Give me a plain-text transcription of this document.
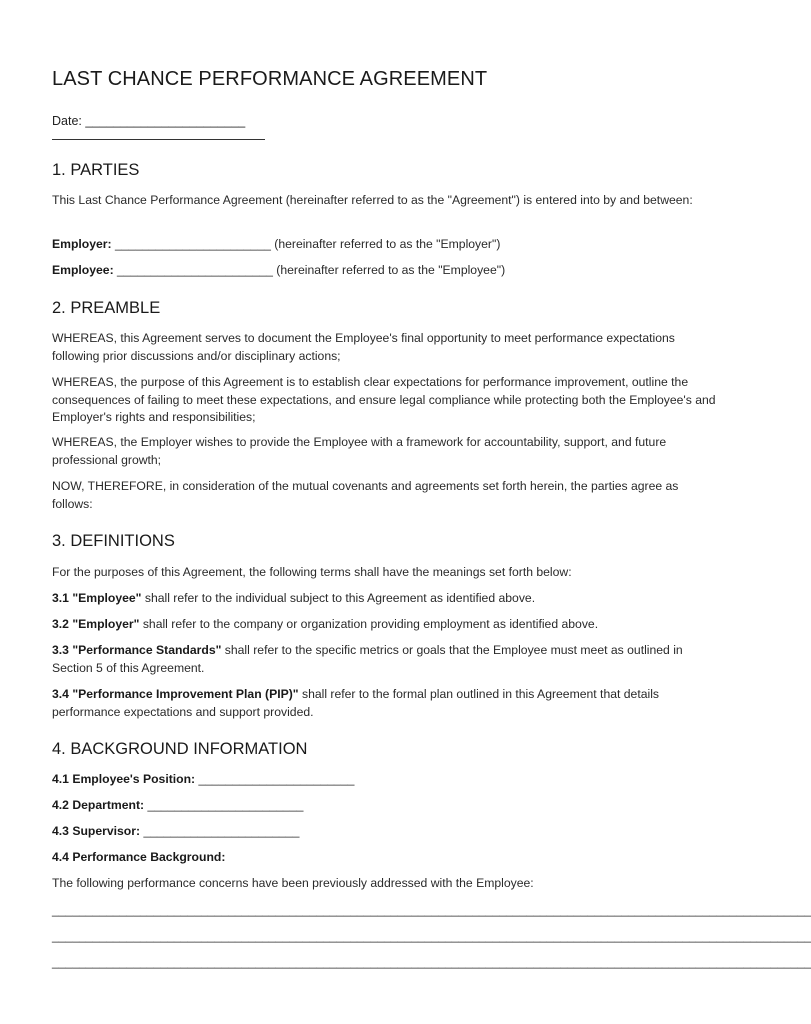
LAST CHANCE PERFORMANCE AGREEMENT
Date: _______________________
1. PARTIES

This Last Chance Performance Agreement (hereinafter referred to as the "Agreement") is entered into by and between:

Employer: _______________________ (hereinafter referred to as the "Employer")

Employee: _______________________ (hereinafter referred to as the "Employee")

2. PREAMBLE

WHEREAS, this Agreement serves to document the Employee's final opportunity to meet performance expectations following prior discussions and/or disciplinary actions;

WHEREAS, the purpose of this Agreement is to establish clear expectations for performance improvement, outline the consequences of failing to meet these expectations, and ensure legal compliance while protecting both the Employee's and Employer's rights and responsibilities;

WHEREAS, the Employer wishes to provide the Employee with a framework for accountability, support, and future professional growth;

NOW, THEREFORE, in consideration of the mutual covenants and agreements set forth herein, the parties agree as follows:

3. DEFINITIONS

For the purposes of this Agreement, the following terms shall have the meanings set forth below:

3.1 "Employee" shall refer to the individual subject to this Agreement as identified above.

3.2 "Employer" shall refer to the company or organization providing employment as identified above.

3.3 "Performance Standards" shall refer to the specific metrics or goals that the Employee must meet as outlined in Section 5 of this Agreement.

3.4 "Performance Improvement Plan (PIP)" shall refer to the formal plan outlined in this Agreement that details performance expectations and support provided.

4. BACKGROUND INFORMATION

4.1 Employee's Position: _______________________

4.2 Department: _______________________

4.3 Supervisor: _______________________

4.4 Performance Background:

The following performance concerns have been previously addressed with the Employee:

________________________________________________________________________________________________________________
________________________________________________________________________________________________________________
________________________________________________________________________________________________________________
